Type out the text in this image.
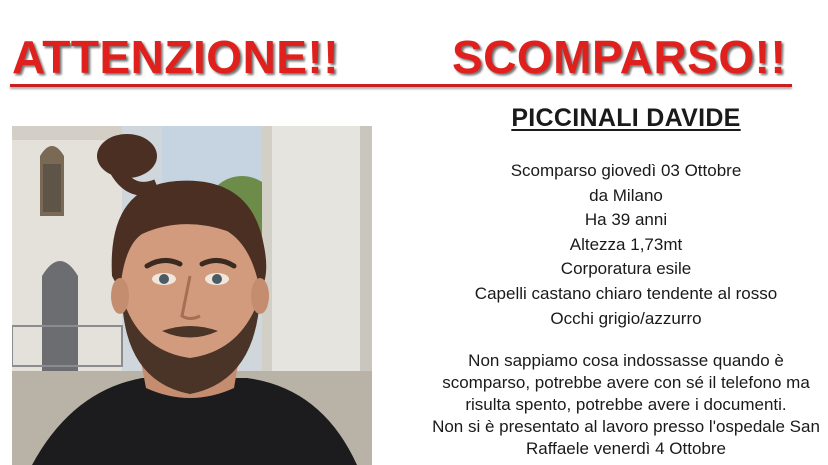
ATTENZIONE!! SCOMPARSO!!
PICCINALI DAVIDE
Scomparso giovedì 03 Ottobre
da Milano
Ha 39 anni
Altezza 1,73mt
Corporatura esile
Capelli castano chiaro tendente al rosso
Occhi grigio/azzurro

Non sappiamo cosa indossasse quando è scomparso, potrebbe avere con sé il telefono ma risulta spento, potrebbe avere i documenti.

Non si è presentato al lavoro presso l'ospedale San Raffaele venerdì 4 Ottobre
